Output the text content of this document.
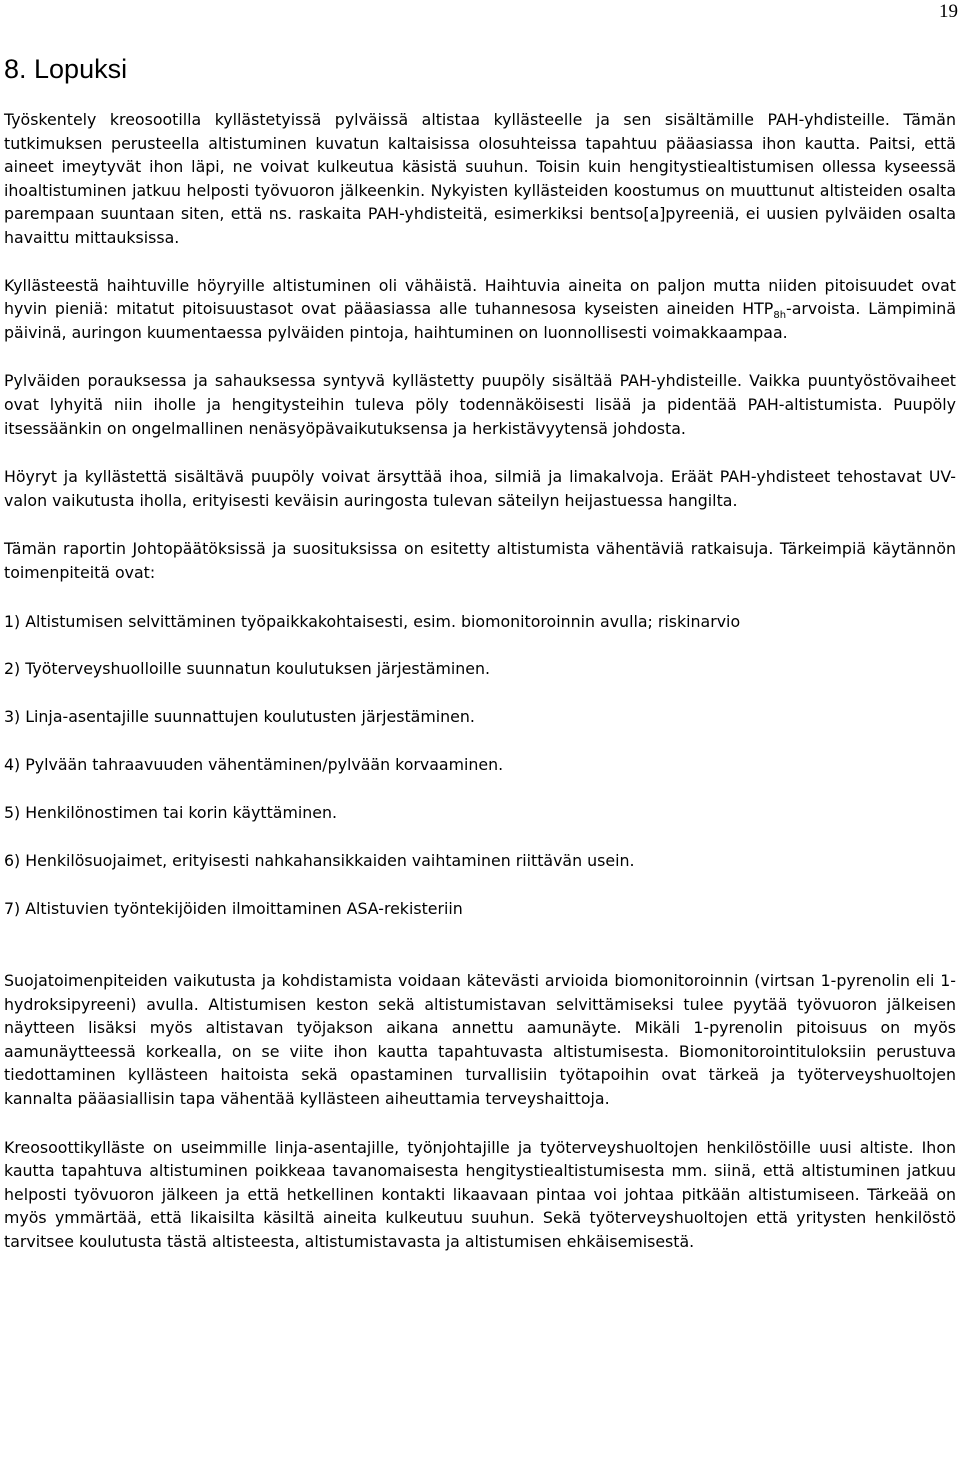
19
8. Lopuksi

Työskentely kreosootilla kyllästetyissä pylväissä altistaa kyllästeelle ja sen sisältämille PAH-yhdisteille. Tämän tutkimuksen perusteella altistuminen kuvatun kaltaisissa olosuhteissa tapahtuu pääasiassa ihon kautta. Paitsi, että aineet imeytyvät ihon läpi, ne voivat kulkeutua käsistä suuhun. Toisin kuin hengitystiealtistumisen ollessa kyseessä ihoaltistuminen jatkuu helposti työvuoron jälkeenkin. Nykyisten kyllästeiden koostumus on muuttunut altisteiden osalta parempaan suuntaan siten, että ns. raskaita PAH-yhdisteitä, esimerkiksi bentso[a]pyreeniä, ei uusien pylväiden osalta havaittu mittauksissa.

Kyllästeestä haihtuville höyryille altistuminen oli vähäistä. Haihtuvia aineita on paljon mutta niiden pitoisuudet ovat hyvin pieniä: mitatut pitoisuustasot ovat pääasiassa alle tuhannesosa kyseisten aineiden $HTP_{8h}$-arvoista. Lämpiminä päivinä, auringon kuumentaessa pylväiden pintoja, haihtuminen on luonnollisesti voimakkaampaa.

Pylväiden porauksessa ja sahauksessa syntyvä kyllästetty puupöly sisältää PAH-yhdisteille. Vaikka puuntyöstövaiheet ovat lyhyitä niin iholle ja hengitysteihin tuleva pöly todennäköisesti lisää ja pidentää PAH-altistumista. Puupöly itsessäänkin on ongelmallinen nenäsyöpävaikutuksensa ja herkistävyytensä johdosta.

Höyryt ja kyllästettä sisältävä puupöly voivat ärsyttää ihoa, silmiä ja limakalvoja. Eräät PAH-yhdisteet tehostavat UV-valon vaikutusta iholla, erityisesti keväisin auringosta tulevan säteilyn heijastuessa hangilta.

Tämän raportin Johtopäätöksissä ja suosituksissa on esitetty altistumista vähentäviä ratkaisuja. Tärkeimpiä käytännön toimenpiteitä ovat:

1) Altistumisen selvittäminen työpaikkakohtaisesti, esim. biomonitoroinnin avulla; riskinarvio

2) Työterveyshuolloille suunnatun koulutuksen järjestäminen.

3) Linja-asentajille suunnattujen koulutusten järjestäminen.

4) Pylvään tahraavuuden vähentäminen/pylvään korvaaminen.

5) Henkilönostimen tai korin käyttäminen.

6) Henkilösuojaimet, erityisesti nahkahansikkaiden vaihtaminen riittävän usein.

7) Altistuvien työntekijöiden ilmoittaminen ASA-rekisteriin

Suojatoimenpiteiden vaikutusta ja kohdistamista voidaan kätevästi arvioida biomonitoroinnin (virtsan 1-pyrenolin eli 1-hydroksipyreeni) avulla. Altistumisen keston sekä altistumistavan selvittämiseksi tulee pyytää työvuoron jälkeisen näytteen lisäksi myös altistavan työjakson aikana annettu aamunäyte. Mikäli 1-pyrenolin pitoisuus on myös aamunäytteessä korkealla, on se viite ihon kautta tapahtuvasta altistumisesta. Biomonitorointituloksiin perustuva tiedottaminen kyllästeen haitoista sekä opastaminen turvallisiin työtapoihin ovat tärkeä ja työterveyshuoltojen kannalta pääasiallisin tapa vähentää kyllästeen aiheuttamia terveyshaittoja.

Kreosoottikylläste on useimmille linja-asentajille, työnjohtajille ja työterveyshuoltojen henkilöstöille uusi altiste. Ihon kautta tapahtuva altistuminen poikkeaa tavanomaisesta hengitystiealtistumisesta mm. siinä, että altistuminen jatkuu helposti työvuoron jälkeen ja että hetkellinen kontakti likaavaan pintaa voi johtaa pitkään altistumiseen. Tärkeää on myös ymmärtää, että likaisilta käsiltä aineita kulkeutuu suuhun. Sekä työterveyshuoltojen että yritysten henkilöstö tarvitsee koulutusta tästä altisteesta, altistumistavasta ja altistumisen ehkäisemisestä.
